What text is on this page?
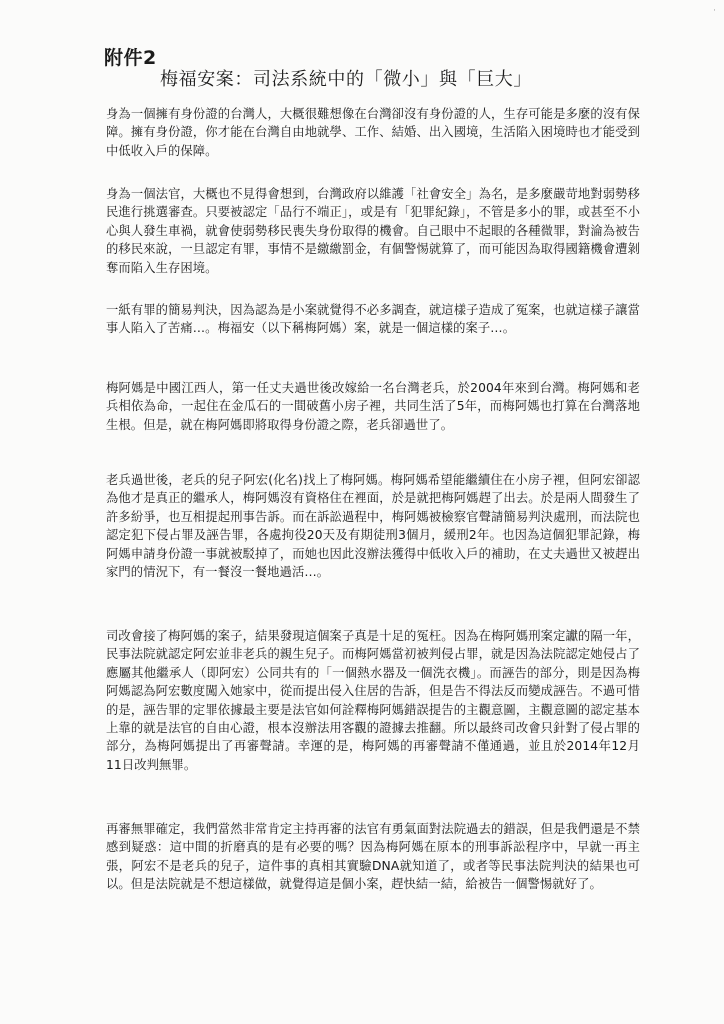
·
附件2
梅福安案：司法系統中的「微小」與「巨大」

身為一個擁有身份證的台灣人，大概很難想像在台灣卻沒有身份證的人，生存可能是多麼的沒有保障。擁有身份證，你才能在台灣自由地就學、工作、結婚、出入國境，生活陷入困境時也才能受到中低收入戶的保障。

身為一個法官，大概也不見得會想到，台灣政府以維護「社會安全」為名，是多麼嚴苛地對弱勢移民進行挑選審查。只要被認定「品行不端正」，或是有「犯罪紀錄」，不管是多小的罪，或甚至不小心與人發生車禍，就會使弱勢移民喪失身份取得的機會。自己眼中不起眼的各種微罪，對淪為被告的移民來說，一旦認定有罪，事情不是繳繳罰金，有個警惕就算了，而可能因為取得國籍機會遭剝奪而陷入生存困境。

一紙有罪的簡易判決，因為認為是小案就覺得不必多調查，就這樣子造成了冤案，也就這樣子讓當事人陷入了苦痛…。梅福安（以下稱梅阿媽）案，就是一個這樣的案子…。

梅阿媽是中國江西人，第一任丈夫過世後改嫁給一名台灣老兵，於2004年來到台灣。梅阿媽和老兵相依為命，一起住在金瓜石的一間破舊小房子裡，共同生活了5年，而梅阿媽也打算在台灣落地生根。但是，就在梅阿媽即將取得身份證之際，老兵卻過世了。

老兵過世後，老兵的兒子阿宏(化名)找上了梅阿媽。梅阿媽希望能繼續住在小房子裡，但阿宏卻認為他才是真正的繼承人，梅阿媽沒有資格住在裡面，於是就把梅阿媽趕了出去。於是兩人間發生了許多紛爭，也互相提起刑事告訴。而在訴訟過程中，梅阿媽被檢察官聲請簡易判決處刑，而法院也認定犯下侵占罪及誣告罪，各處拘役20天及有期徒刑3個月，緩刑2年。也因為這個犯罪記錄，梅阿媽申請身份證一事就被駁掉了，而她也因此沒辦法獲得中低收入戶的補助，在丈夫過世又被趕出家門的情況下，有一餐沒一餐地過活…。

司改會接了梅阿媽的案子，結果發現這個案子真是十足的冤枉。因為在梅阿媽刑案定讞的隔一年，民事法院就認定阿宏並非老兵的親生兒子。而梅阿媽當初被判侵占罪，就是因為法院認定她侵占了應屬其他繼承人（即阿宏）公同共有的「一個熱水器及一個洗衣機」。而誣告的部分，則是因為梅阿媽認為阿宏數度闖入她家中，從而提出侵入住居的告訴，但是告不得法反而變成誣告。不過可惜的是，誣告罪的定罪依據最主要是法官如何詮釋梅阿媽錯誤提告的主觀意圖，主觀意圖的認定基本上靠的就是法官的自由心證，根本沒辦法用客觀的證據去推翻。所以最終司改會只針對了侵占罪的部分，為梅阿媽提出了再審聲請。幸運的是，梅阿媽的再審聲請不僅通過，並且於2014年12月11日改判無罪。

再審無罪確定，我們當然非常肯定主持再審的法官有勇氣面對法院過去的錯誤，但是我們還是不禁感到疑惑：這中間的折磨真的是有必要的嗎？因為梅阿媽在原本的刑事訴訟程序中，早就一再主張，阿宏不是老兵的兒子，這件事的真相其實驗DNA就知道了，或者等民事法院判決的結果也可以。但是法院就是不想這樣做，就覺得這是個小案，趕快結一結，給被告一個警惕就好了。
